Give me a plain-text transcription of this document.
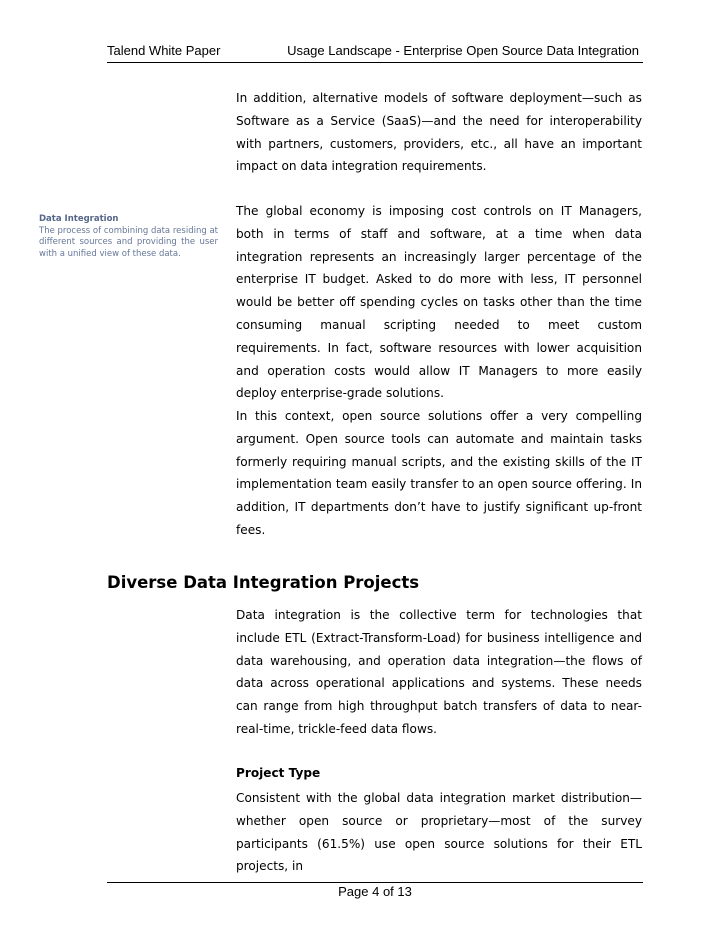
Talend White Paper	Usage Landscape - Enterprise Open Source Data Integration

In addition, alternative models of software deployment—such as Software as a Service (SaaS)—and the need for interoperability with partners, customers, providers, etc., all have an important impact on data integration requirements.

Data Integration
The process of combining data residing at different sources and providing the user with a unified view of these data.

The global economy is imposing cost controls on IT Managers, both in terms of staff and software, at a time when data integration represents an increasingly larger percentage of the enterprise IT budget. Asked to do more with less, IT personnel would be better off spending cycles on tasks other than the time consuming manual scripting needed to meet custom requirements. In fact, software resources with lower acquisition and operation costs would allow IT Managers to more easily deploy enterprise-grade solutions.

In this context, open source solutions offer a very compelling argument. Open source tools can automate and maintain tasks formerly requiring manual scripts, and the existing skills of the IT implementation team easily transfer to an open source offering. In addition, IT departments don’t have to justify significant up-front fees.

Diverse Data Integration Projects

Data integration is the collective term for technologies that include ETL (Extract-Transform-Load) for business intelligence and data warehousing, and operation data integration—the flows of data across operational applications and systems. These needs can range from high throughput batch transfers of data to near-real-time, trickle-feed data flows.

Project Type

Consistent with the global data integration market distribution—whether open source or proprietary—most of the survey participants (61.5%) use open source solutions for their ETL projects, in

Page 4 of 13
